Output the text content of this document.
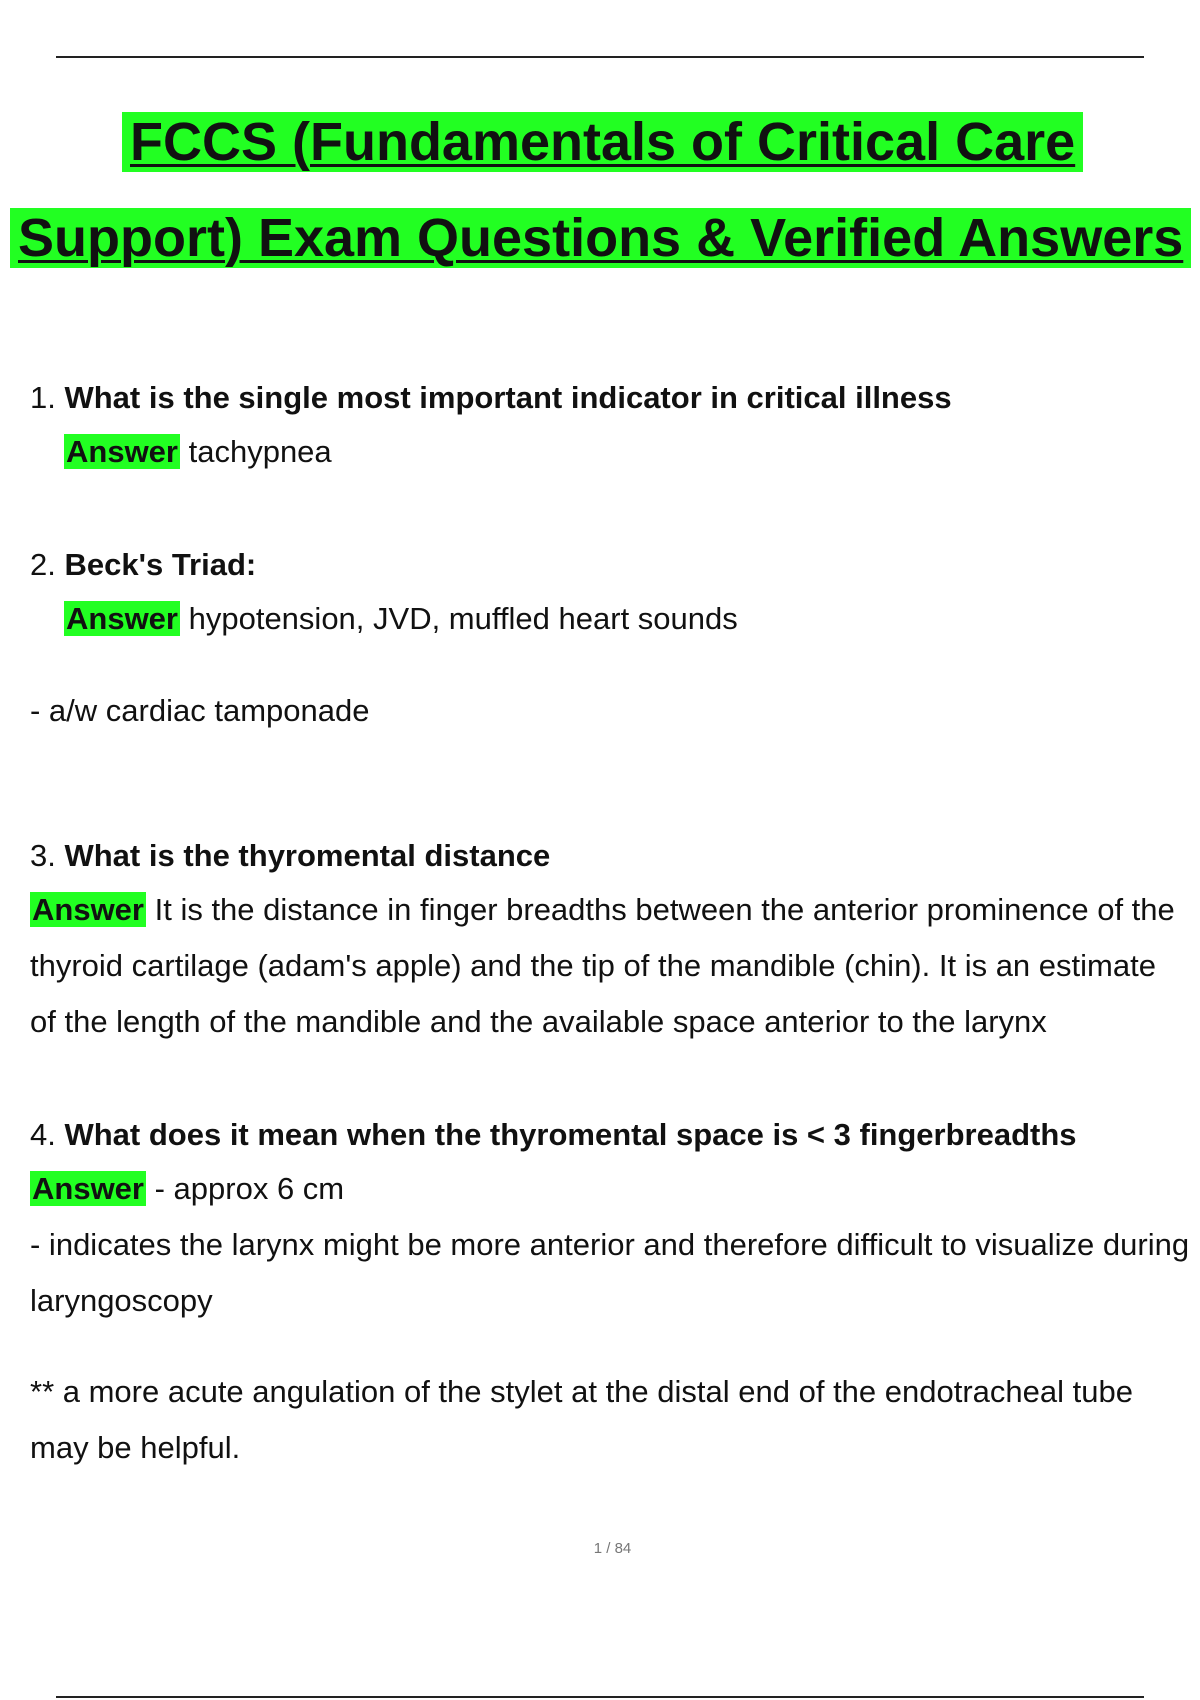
FCCS (Fundamentals of Critical Care
Support) Exam Questions & Verified Answers
1. What is the single most important indicator in critical illness
Answer tachypnea
2. Beck's Triad:
Answer hypotension, JVD, muffled heart sounds
- a/w cardiac tamponade
3. What is the thyromental distance
Answer It is the distance in finger breadths between the anterior prominence of the
thyroid cartilage (adam's apple) and the tip of the mandible (chin). It is an estimate
of the length of the mandible and the available space anterior to the larynx
4. What does it mean when the thyromental space is < 3 fingerbreadths
Answer - approx 6 cm
- indicates the larynx might be more anterior and therefore difficult to visualize during
laryngoscopy
** a more acute angulation of the stylet at the distal end of the endotracheal tube
may be helpful.
1 / 84
